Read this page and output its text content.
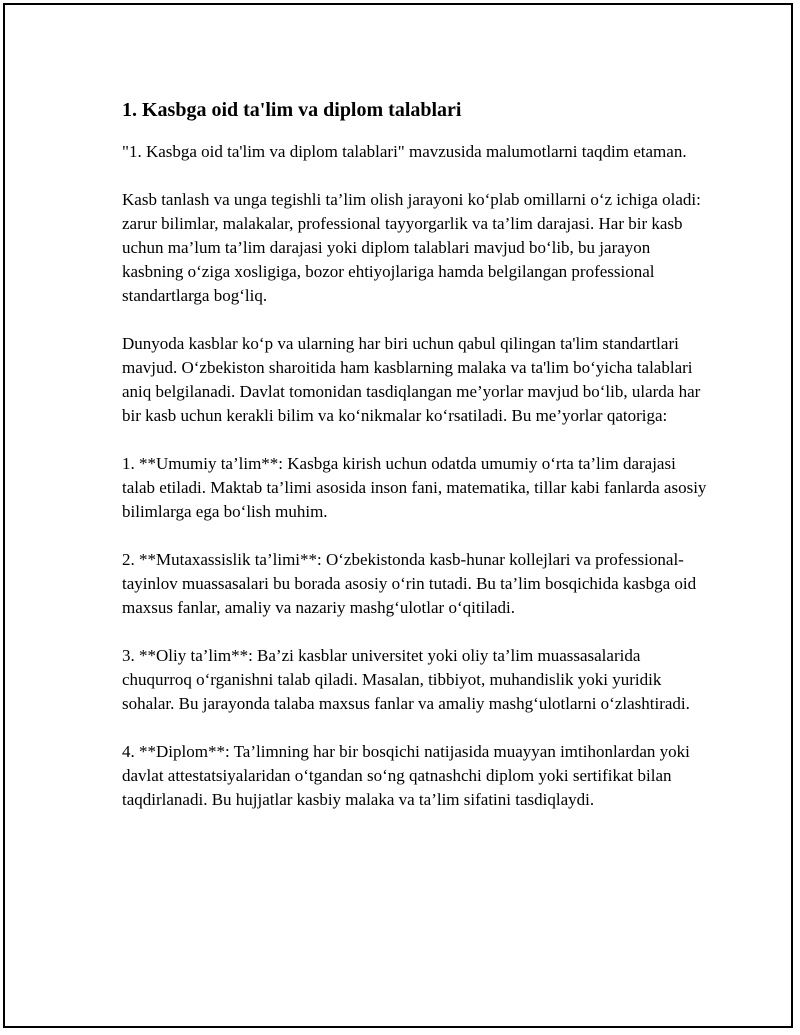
1. Kasbga oid ta'lim va diplom talablari

"1. Kasbga oid ta'lim va diplom talablari" mavzusida malumotlarni taqdim etaman.

Kasb tanlash va unga tegishli ta’lim olish jarayoni ko‘plab omillarni o‘z ichiga oladi: zarur bilimlar, malakalar, professional tayyorgarlik va ta’lim darajasi. Har bir kasb uchun ma’lum ta’lim darajasi yoki diplom talablari mavjud bo‘lib, bu jarayon kasbning o‘ziga xosligiga, bozor ehtiyojlariga hamda belgilangan professional standartlarga bog‘liq.

Dunyoda kasblar ko‘p va ularning har biri uchun qabul qilingan ta'lim standartlari mavjud. O‘zbekiston sharoitida ham kasblarning malaka va ta'lim bo‘yicha talablari aniq belgilanadi. Davlat tomonidan tasdiqlangan me’yorlar mavjud bo‘lib, ularda har bir kasb uchun kerakli bilim va ko‘nikmalar ko‘rsatiladi. Bu me’yorlar qatoriga:

1. **Umumiy ta’lim**: Kasbga kirish uchun odatda umumiy o‘rta ta’lim darajasi talab etiladi. Maktab ta’limi asosida inson fani, matematika, tillar kabi fanlarda asosiy bilimlarga ega bo‘lish muhim.

2. **Mutaxassislik ta’limi**: O‘zbekistonda kasb-hunar kollejlari va professional-tayinlov muassasalari bu borada asosiy o‘rin tutadi. Bu ta’lim bosqichida kasbga oid maxsus fanlar, amaliy va nazariy mashg‘ulotlar o‘qitiladi.

3. **Oliy ta’lim**: Ba’zi kasblar universitet yoki oliy ta’lim muassasalarida chuqurroq o‘rganishni talab qiladi. Masalan, tibbiyot, muhandislik yoki yuridik sohalar. Bu jarayonda talaba maxsus fanlar va amaliy mashg‘ulotlarni o‘zlashtiradi.

4. **Diplom**: Ta’limning har bir bosqichi natijasida muayyan imtihonlardan yoki davlat attestatsiyalaridan o‘tgandan so‘ng qatnashchi diplom yoki sertifikat bilan taqdirlanadi. Bu hujjatlar kasbiy malaka va ta’lim sifatini tasdiqlaydi.
